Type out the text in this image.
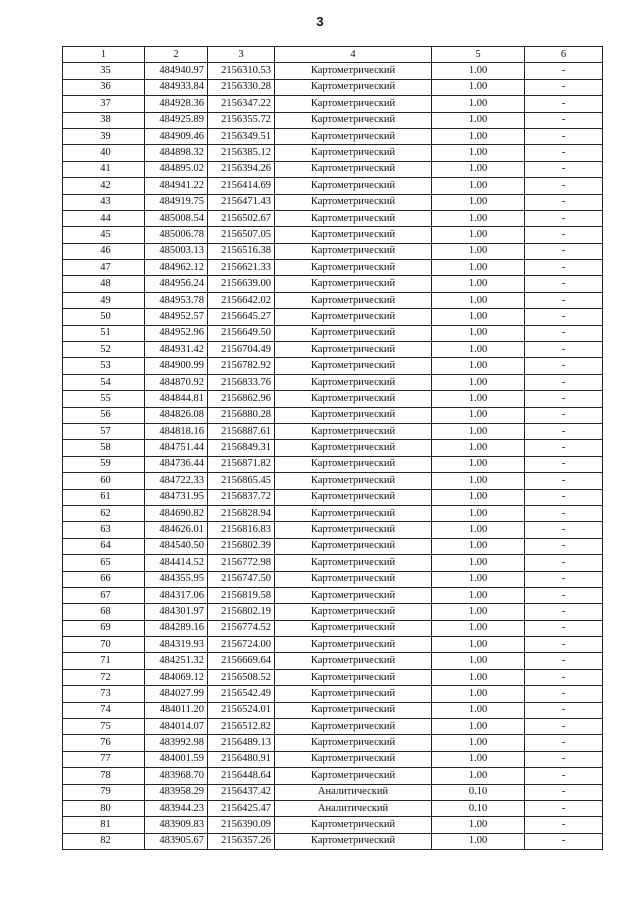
3
1	2	3	4	5	6
35	484940.97	2156310.53	Картометрический	1.00	-
36	484933.84	2156330.28	Картометрический	1.00	-
37	484928.36	2156347.22	Картометрический	1.00	-
38	484925.89	2156355.72	Картометрический	1.00	-
39	484909.46	2156349.51	Картометрический	1.00	-
40	484898.32	2156385.12	Картометрический	1.00	-
41	484895.02	2156394.26	Картометрический	1.00	-
42	484941.22	2156414.69	Картометрический	1.00	-
43	484919.75	2156471.43	Картометрический	1.00	-
44	485008.54	2156502.67	Картометрический	1.00	-
45	485006.78	2156507.05	Картометрический	1.00	-
46	485003.13	2156516.38	Картометрический	1.00	-
47	484962.12	2156621.33	Картометрический	1.00	-
48	484956.24	2156639.00	Картометрический	1.00	-
49	484953.78	2156642.02	Картометрический	1.00	-
50	484952.57	2156645.27	Картометрический	1.00	-
51	484952.96	2156649.50	Картометрический	1.00	-
52	484931.42	2156704.49	Картометрический	1.00	-
53	484900.99	2156782.92	Картометрический	1.00	-
54	484870.92	2156833.76	Картометрический	1.00	-
55	484844.81	2156862.96	Картометрический	1.00	-
56	484826.08	2156880.28	Картометрический	1.00	-
57	484818.16	2156887.61	Картометрический	1.00	-
58	484751.44	2156849.31	Картометрический	1.00	-
59	484736.44	2156871.82	Картометрический	1.00	-
60	484722.33	2156865.45	Картометрический	1.00	-
61	484731.95	2156837.72	Картометрический	1.00	-
62	484690.82	2156828.94	Картометрический	1.00	-
63	484626.01	2156816.83	Картометрический	1.00	-
64	484540.50	2156802.39	Картометрический	1.00	-
65	484414.52	2156772.98	Картометрический	1.00	-
66	484355.95	2156747.50	Картометрический	1.00	-
67	484317.06	2156819.58	Картометрический	1.00	-
68	484301.97	2156802.19	Картометрический	1.00	-
69	484289.16	2156774.52	Картометрический	1.00	-
70	484319.93	2156724.00	Картометрический	1.00	-
71	484251.32	2156669.64	Картометрический	1.00	-
72	484069.12	2156508.52	Картометрический	1.00	-
73	484027.99	2156542.49	Картометрический	1.00	-
74	484011.20	2156524.01	Картометрический	1.00	-
75	484014.07	2156512.82	Картометрический	1.00	-
76	483992.98	2156489.13	Картометрический	1.00	-
77	484001.59	2156480.91	Картометрический	1.00	-
78	483968.70	2156448.64	Картометрический	1.00	-
79	483958.29	2156437.42	Аналитический	0.10	-
80	483944.23	2156425.47	Аналитический	0.10	-
81	483909.83	2156390.09	Картометрический	1.00	-
82	483905.67	2156357.26	Картометрический	1.00	-
